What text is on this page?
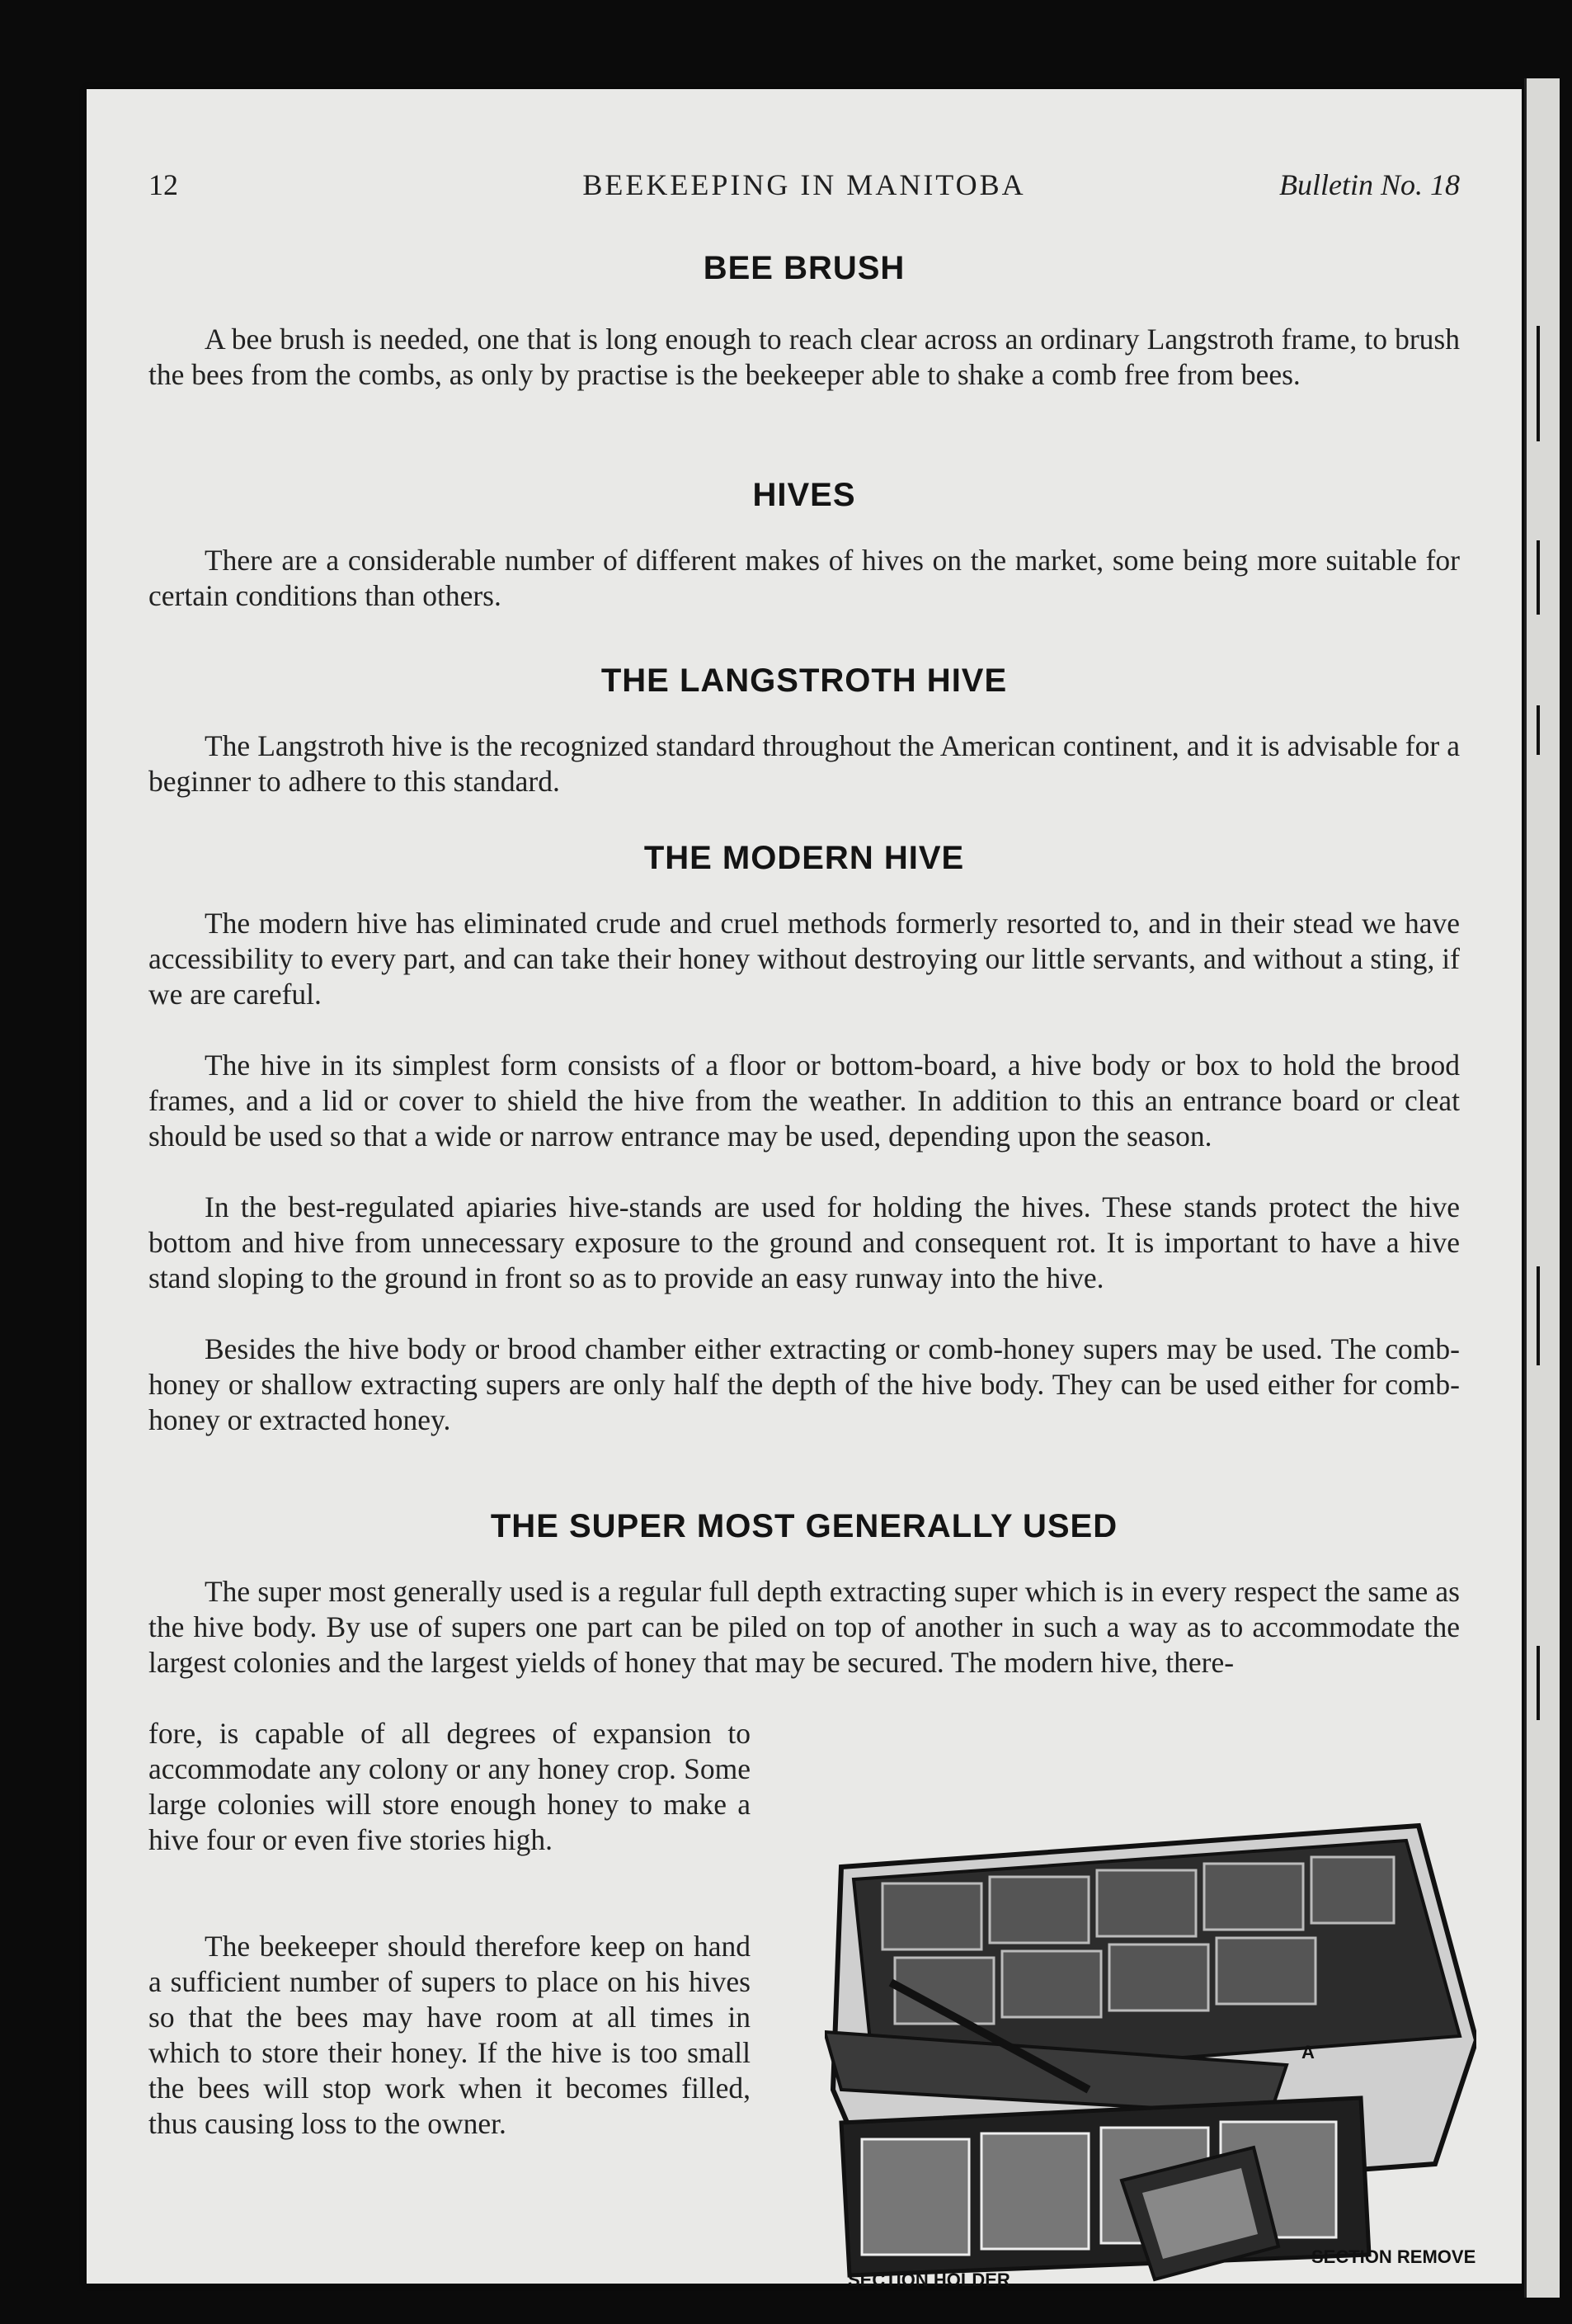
12	BEEKEEPING IN MANITOBA	Bulletin No. 18
BEE BRUSH

A bee brush is needed, one that is long enough to reach clear across an ordinary Langstroth frame, to brush the bees from the combs, as only by practise is the beekeeper able to shake a comb free from bees.

HIVES

There are a considerable number of different makes of hives on the market, some being more suitable for certain conditions than others.

THE LANGSTROTH HIVE

The Langstroth hive is the recognized standard throughout the American continent, and it is advisable for a beginner to adhere to this standard.

THE MODERN HIVE

The modern hive has eliminated crude and cruel methods formerly resorted to, and in their stead we have accessibility to every part, and can take their honey without destroying our little servants, and without a sting, if we are careful.

The hive in its simplest form consists of a floor or bottom-board, a hive body or box to hold the brood frames, and a lid or cover to shield the hive from the weather. In addition to this an entrance board or cleat should be used so that a wide or narrow entrance may be used, depending upon the season.

In the best-regulated apiaries hive-stands are used for holding the hives. These stands protect the hive bottom and hive from unnecessary exposure to the ground and consequent rot. It is important to have a hive stand sloping to the ground in front so as to provide an easy runway into the hive.

Besides the hive body or brood chamber either extracting or comb-honey supers may be used. The comb-honey or shallow extracting supers are only half the depth of the hive body. They can be used either for comb-honey or extracted honey.

THE SUPER MOST GENERALLY USED

The super most generally used is a regular full depth extracting super which is in every respect the same as the hive body. By use of supers one part can be piled on top of another in such a way as to accommodate the largest colonies and the largest yields of honey that may be secured. The modern hive, there-

fore, is capable of all degrees of expansion to accommodate any colony or any honey crop. Some large colonies will store enough honey to make a hive four or even five stories high.

The beekeeper should therefore keep on hand a sufficient number of supers to place on his hives so that the bees may have room at all times in which to store their honey. If the hive is too small the bees will stop work when it becomes filled, thus causing loss to the owner.

SECTION HOLDER
SECTION REMOVED
A
